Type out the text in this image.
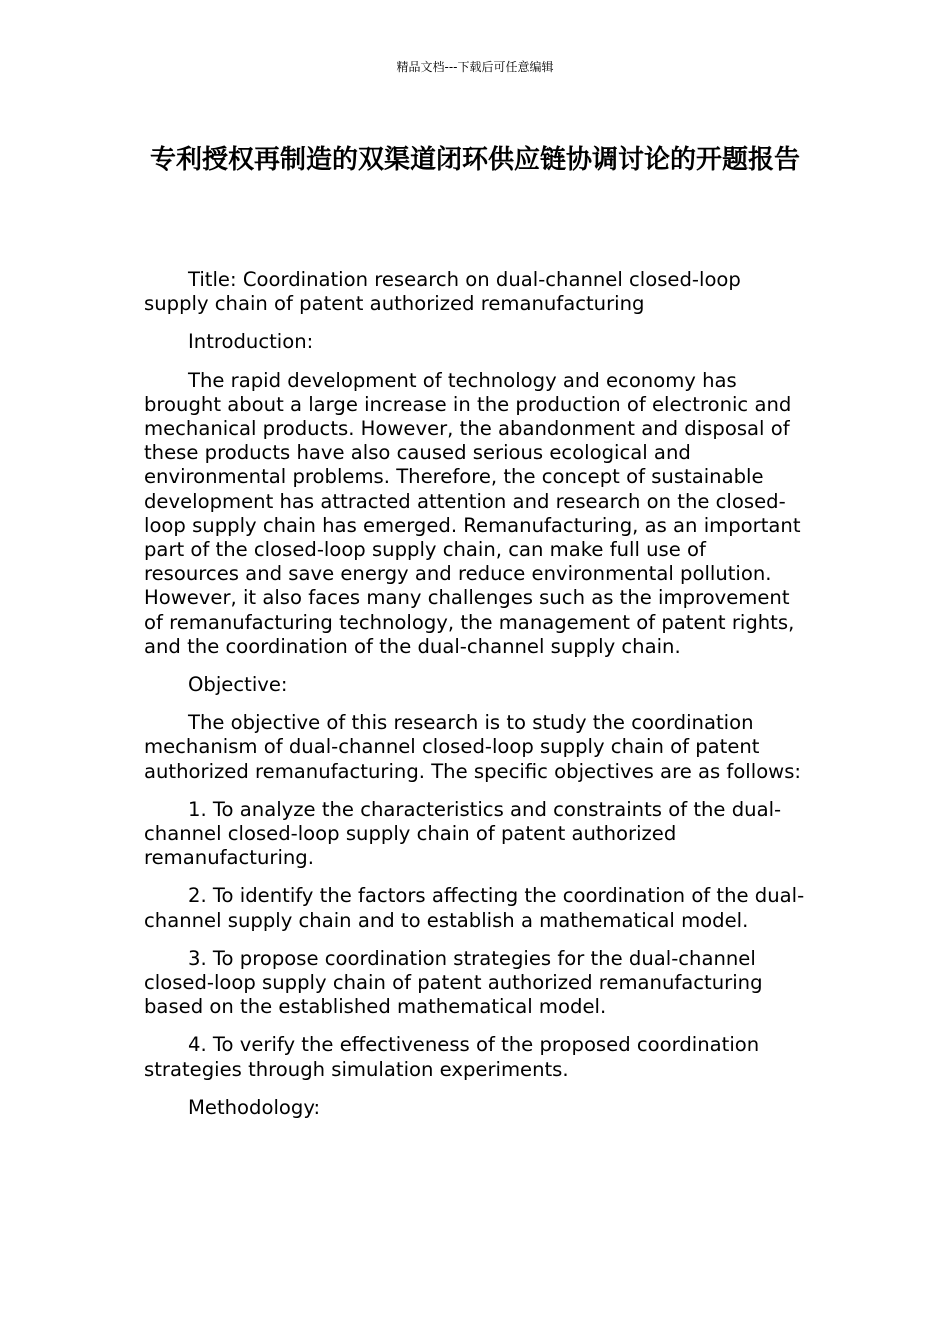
精品文档---下载后可任意编辑
专利授权再制造的双渠道闭环供应链协调讨论的开题报告

Title: Coordination research on dual-channel closed-loop supply chain of patent authorized remanufacturing

Introduction:

The rapid development of technology and economy has brought about a large increase in the production of electronic and mechanical products. However, the abandonment and disposal of these products have also caused serious ecological and environmental problems. Therefore, the concept of sustainable development has attracted attention and research on the closed-loop supply chain has emerged. Remanufacturing, as an important part of the closed-loop supply chain, can make full use of resources and save energy and reduce environmental pollution. However, it also faces many challenges such as the improvement of remanufacturing technology, the management of patent rights, and the coordination of the dual-channel supply chain.

Objective:

The objective of this research is to study the coordination mechanism of dual-channel closed-loop supply chain of patent authorized remanufacturing. The specific objectives are as follows:

1. To analyze the characteristics and constraints of the dual-channel closed-loop supply chain of patent authorized remanufacturing.

2. To identify the factors affecting the coordination of the dual-channel supply chain and to establish a mathematical model.

3. To propose coordination strategies for the dual-channel closed-loop supply chain of patent authorized remanufacturing based on the established mathematical model.

4. To verify the effectiveness of the proposed coordination strategies through simulation experiments.

Methodology:
